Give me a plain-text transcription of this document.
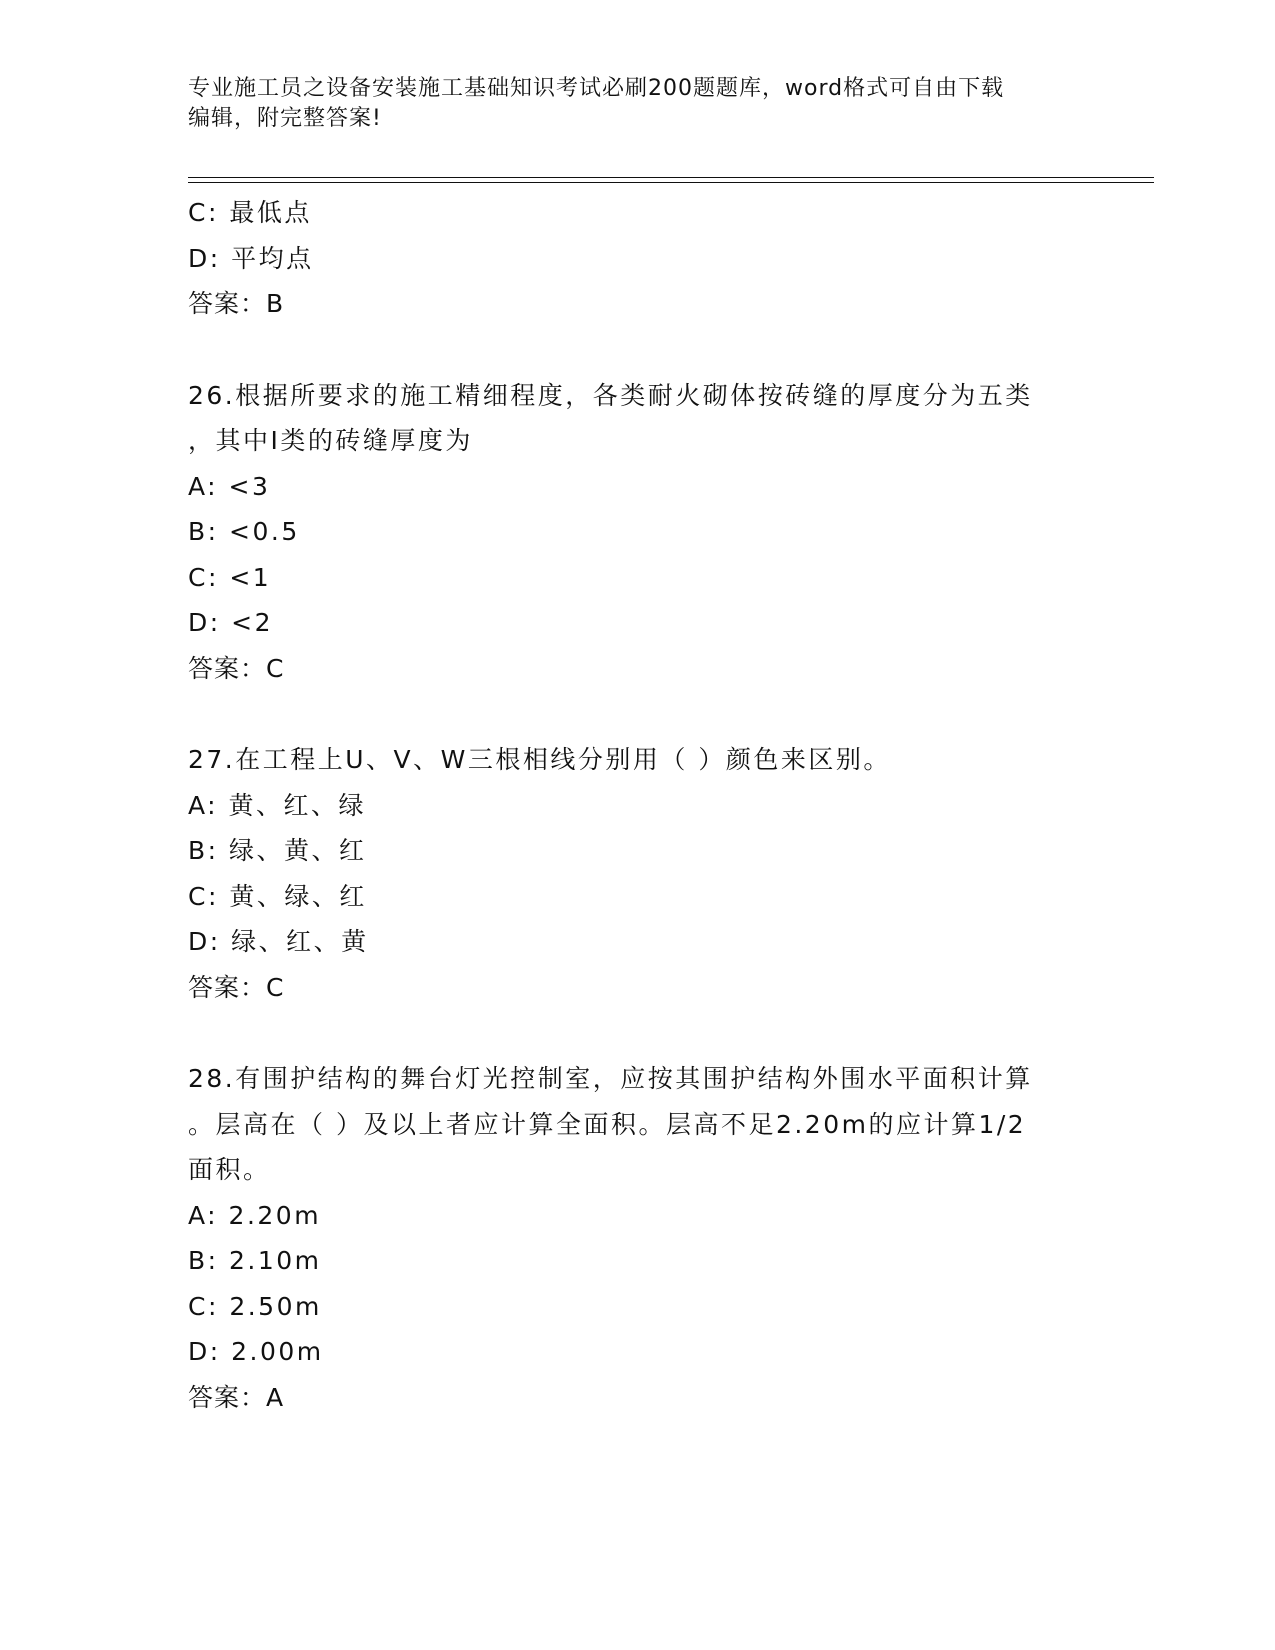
专业施工员之设备安装施工基础知识考试必刷200题题库，word格式可自由下载
编辑，附完整答案!
C: 最低点
D: 平均点
答案：B
26.根据所要求的施工精细程度，各类耐火砌体按砖缝的厚度分为五类
，其中Ⅰ类的砖缝厚度为
A: <3
B: <0.5
C: <1
D: <2
答案：C
27.在工程上U、V、W三根相线分别用（ ）颜色来区别。
A: 黄、红、绿
B: 绿、黄、红
C: 黄、绿、红
D: 绿、红、黄
答案：C
28.有围护结构的舞台灯光控制室，应按其围护结构外围水平面积计算
。层高在（ ）及以上者应计算全面积。层高不足2.20m的应计算1/2
面积。
A: 2.20m
B: 2.10m
C: 2.50m
D: 2.00m
答案：A
